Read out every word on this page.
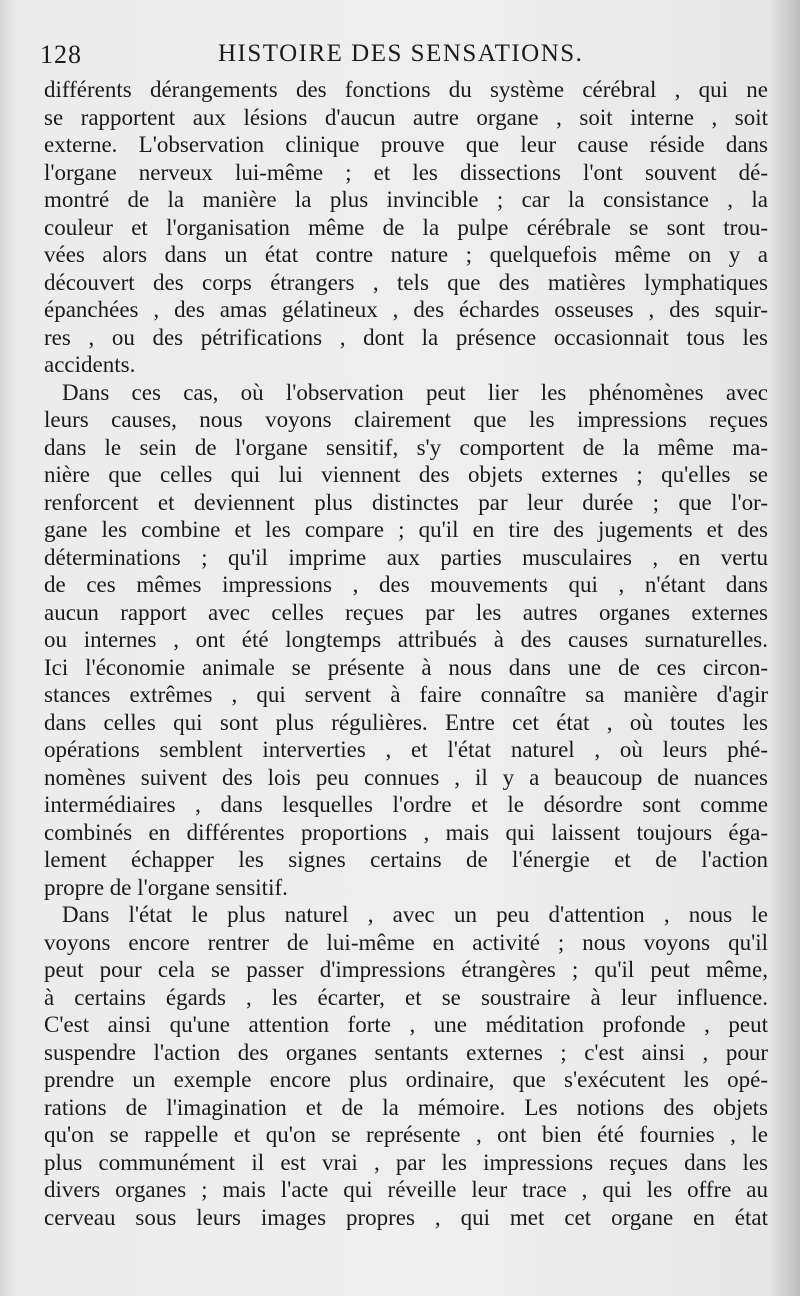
128	HISTOIRE DES SENSATIONS.
différents dérangements des fonctions du système cérébral , qui ne
se rapportent aux lésions d'aucun autre organe , soit interne , soit
externe. L'observation clinique prouve que leur cause réside dans
l'organe nerveux lui-même ; et les dissections l'ont souvent dé-
montré de la manière la plus invincible ; car la consistance , la
couleur et l'organisation même de la pulpe cérébrale se sont trou-
vées alors dans un état contre nature ; quelquefois même on y a
découvert des corps étrangers , tels que des matières lymphatiques
épanchées , des amas gélatineux , des échardes osseuses , des squir-
res , ou des pétrifications , dont la présence occasionnait tous les
accidents.
Dans ces cas, où l'observation peut lier les phénomènes avec
leurs causes, nous voyons clairement que les impressions reçues
dans le sein de l'organe sensitif, s'y comportent de la même ma-
nière que celles qui lui viennent des objets externes ; qu'elles se
renforcent et deviennent plus distinctes par leur durée ; que l'or-
gane les combine et les compare ; qu'il en tire des jugements et des
déterminations ; qu'il imprime aux parties musculaires , en vertu
de ces mêmes impressions , des mouvements qui , n'étant dans
aucun rapport avec celles reçues par les autres organes externes
ou internes , ont été longtemps attribués à des causes surnaturelles.
Ici l'économie animale se présente à nous dans une de ces circon-
stances extrêmes , qui servent à faire connaître sa manière d'agir
dans celles qui sont plus régulières. Entre cet état , où toutes les
opérations semblent interverties , et l'état naturel , où leurs phé-
nomènes suivent des lois peu connues , il y a beaucoup de nuances
intermédiaires , dans lesquelles l'ordre et le désordre sont comme
combinés en différentes proportions , mais qui laissent toujours éga-
lement échapper les signes certains de l'énergie et de l'action
propre de l'organe sensitif.
Dans l'état le plus naturel , avec un peu d'attention , nous le
voyons encore rentrer de lui-même en activité ; nous voyons qu'il
peut pour cela se passer d'impressions étrangères ; qu'il peut même,
à certains égards , les écarter, et se soustraire à leur influence.
C'est ainsi qu'une attention forte , une méditation profonde , peut
suspendre l'action des organes sentants externes ; c'est ainsi , pour
prendre un exemple encore plus ordinaire, que s'exécutent les opé-
rations de l'imagination et de la mémoire. Les notions des objets
qu'on se rappelle et qu'on se représente , ont bien été fournies , le
plus communément il est vrai , par les impressions reçues dans les
divers organes ; mais l'acte qui réveille leur trace , qui les offre au
cerveau sous leurs images propres , qui met cet organe en état
